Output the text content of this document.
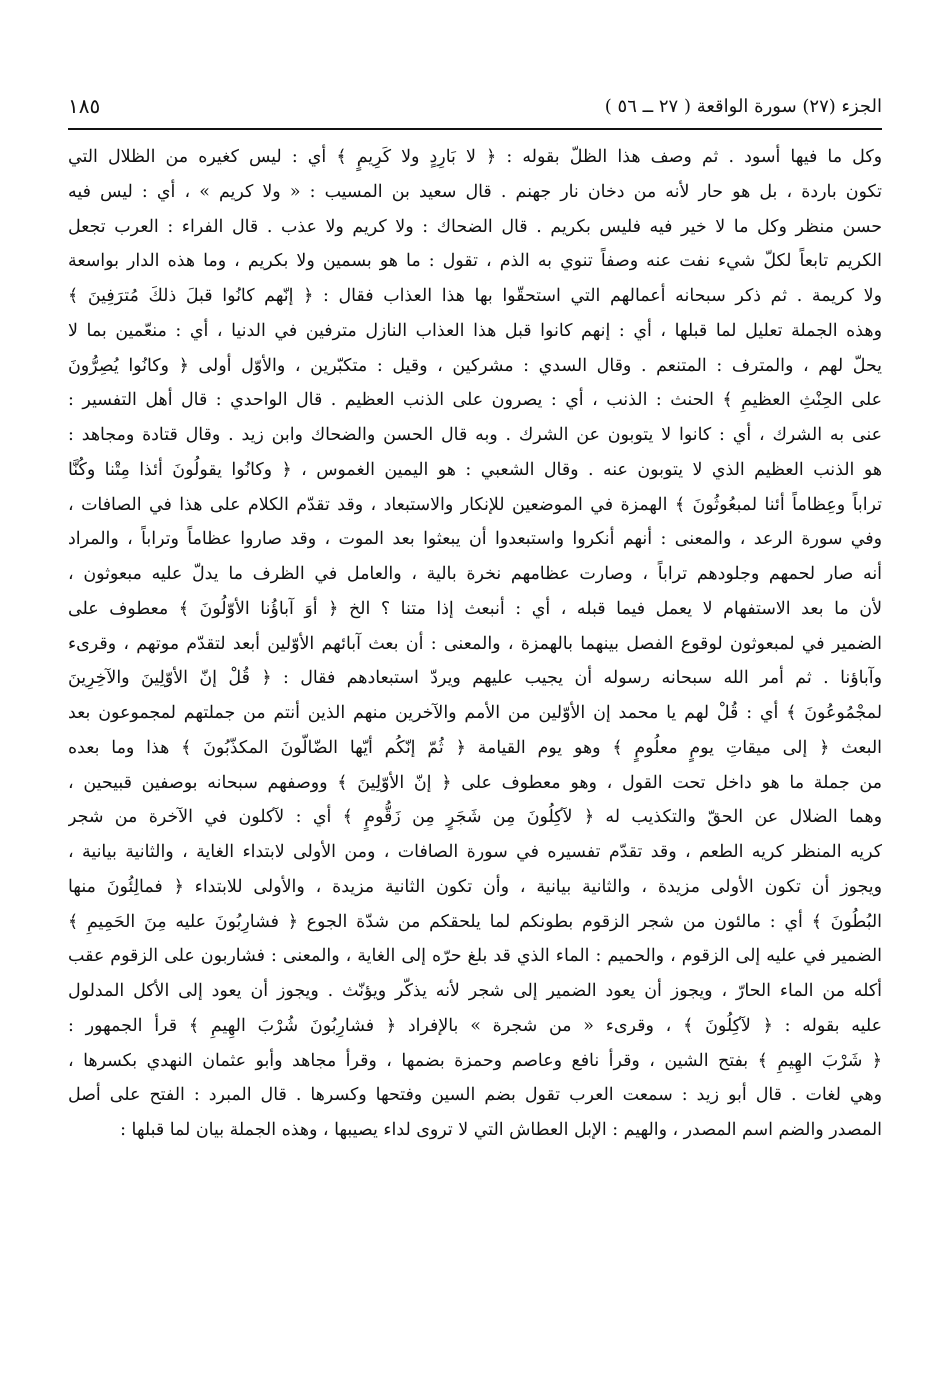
الجزء (٢٧) سورة الواقعة ( ٢٧ ــ ٥٦ )
١٨٥
وكل ما فيها أسود . ثم وصف هذا الظلّ بقوله : ﴿ لا بَارِدٍ ولا كَرِيمٍ ﴾ أي : ليس كغيره من الظلال التي
تكون باردة ، بل هو حار لأنه من دخان نار جهنم . قال سعيد بن المسيب : « ولا كريم » ، أي : ليس فيه
حسن منظر وكل ما لا خير فيه فليس بكريم . قال الضحاك : ولا كريم ولا عذب . قال الفراء : العرب تجعل
الكريم تابعاً لكلّ شيء نفت عنه وصفاً تنوي به الذم ، تقول : ما هو بسمين ولا بكريم ، وما هذه الدار بواسعة
ولا كريمة . ثم ذكر سبحانه أعمالهم التي استحقّوا بها هذا العذاب فقال : ﴿ إنّهم كانُوا قبلَ ذلكَ مُترَفِينَ ﴾
وهذه الجملة تعليل لما قبلها ، أي : إنهم كانوا قبل هذا العذاب النازل مترفين في الدنيا ، أي : منعّمين بما لا
يحلّ لهم ، والمترف : المتنعم . وقال السدي : مشركين ، وقيل : متكبّرين ، والأوّل أولى ﴿ وكانُوا يُصِرُّونَ
على الحِنْثِ العظيمِ ﴾ الحنث : الذنب ، أي : يصرون على الذنب العظيم . قال الواحدي : قال أهل التفسير :
عنى به الشرك ، أي : كانوا لا يتوبون عن الشرك . وبه قال الحسن والضحاك وابن زيد . وقال قتادة ومجاهد :
هو الذنب العظيم الذي لا يتوبون عنه . وقال الشعبي : هو اليمين الغموس ، ﴿ وكانُوا يقولُونَ أئذا مِتْنا وكُنَّا
تراباً وعِظاماً أئنا لمبعُوثُونَ ﴾ الهمزة في الموضعين للإنكار والاستبعاد ، وقد تقدّم الكلام على هذا في الصافات ،
وفي سورة الرعد ، والمعنى : أنهم أنكروا واستبعدوا أن يبعثوا بعد الموت ، وقد صاروا عظاماً وتراباً ، والمراد
أنه صار لحمهم وجلودهم تراباً ، وصارت عظامهم نخرة بالية ، والعامل في الظرف ما يدلّ عليه مبعوثون ،
لأن ما بعد الاستفهام لا يعمل فيما قبله ، أي : أنبعث إذا متنا ؟ الخ ﴿ أوَ آباؤُنا الأوّلُونَ ﴾ معطوف على
الضمير في لمبعوثون لوقوع الفصل بينهما بالهمزة ، والمعنى : أن بعث آبائهم الأوّلين أبعد لتقدّم موتهم ، وقرىء
وآباؤنا . ثم أمر الله سبحانه رسوله أن يجيب عليهم ويردّ استبعادهم فقال : ﴿ قُلْ إنّ الأوّلِينَ والآخِرِينَ
لمجْمُوعُونَ ﴾ أي : قُلْ لهم يا محمد إن الأوّلين من الأمم والآخرين منهم الذين أنتم من جملتهم لمجموعون بعد
البعث ﴿ إلى ميقاتِ يومٍ معلُومٍ ﴾ وهو يوم القيامة ﴿ ثُمّ إنّكُم أيّها الضّالّونَ المكذّبُونَ ﴾ هذا وما بعده
من جملة ما هو داخل تحت القول ، وهو معطوف على ﴿ إنّ الأوّلِينَ ﴾ ووصفهم سبحانه بوصفين قبيحين ،
وهما الضلال عن الحقّ والتكذيب له ﴿ لآكِلُونَ مِن شَجَرٍ مِن زَقُّومٍ ﴾ أي : لآكلون في الآخرة من شجر
كريه المنظر كريه الطعم ، وقد تقدّم تفسيره في سورة الصافات ، ومن الأولى لابتداء الغاية ، والثانية بيانية ،
ويجوز أن تكون الأولى مزيدة ، والثانية بيانية ، وأن تكون الثانية مزيدة ، والأولى للابتداء ﴿ فمالِئُونَ منها
البُطُونَ ﴾ أي : مالئون من شجر الزقوم بطونكم لما يلحقكم من شدّة الجوع ﴿ فشارِبُونَ عليه مِنَ الحَمِيمِ ﴾
الضمير في عليه إلى الزقوم ، والحميم : الماء الذي قد بلغ حرّه إلى الغاية ، والمعنى : فشاربون على الزقوم عقب
أكله من الماء الحارّ ، ويجوز أن يعود الضمير إلى شجر لأنه يذكّر ويؤنّث . ويجوز أن يعود إلى الأكل المدلول
عليه بقوله : ﴿ لآكِلُونَ ﴾ ، وقرىء « من شجرة » بالإفراد ﴿ فشارِبُونَ شُرْبَ الهِيمِ ﴾ قرأ الجمهور :
﴿ شَرْبَ الهِيمِ ﴾ بفتح الشين ، وقرأ نافع وعاصم وحمزة بضمها ، وقرأ مجاهد وأبو عثمان النهدي بكسرها ،
وهي لغات . قال أبو زيد : سمعت العرب تقول بضم السين وفتحها وكسرها . قال المبرد : الفتح على أصل
المصدر والضم اسم المصدر ، والهيم : الإبل العطاش التي لا تروى لداء يصيبها ، وهذه الجملة بيان لما قبلها :
